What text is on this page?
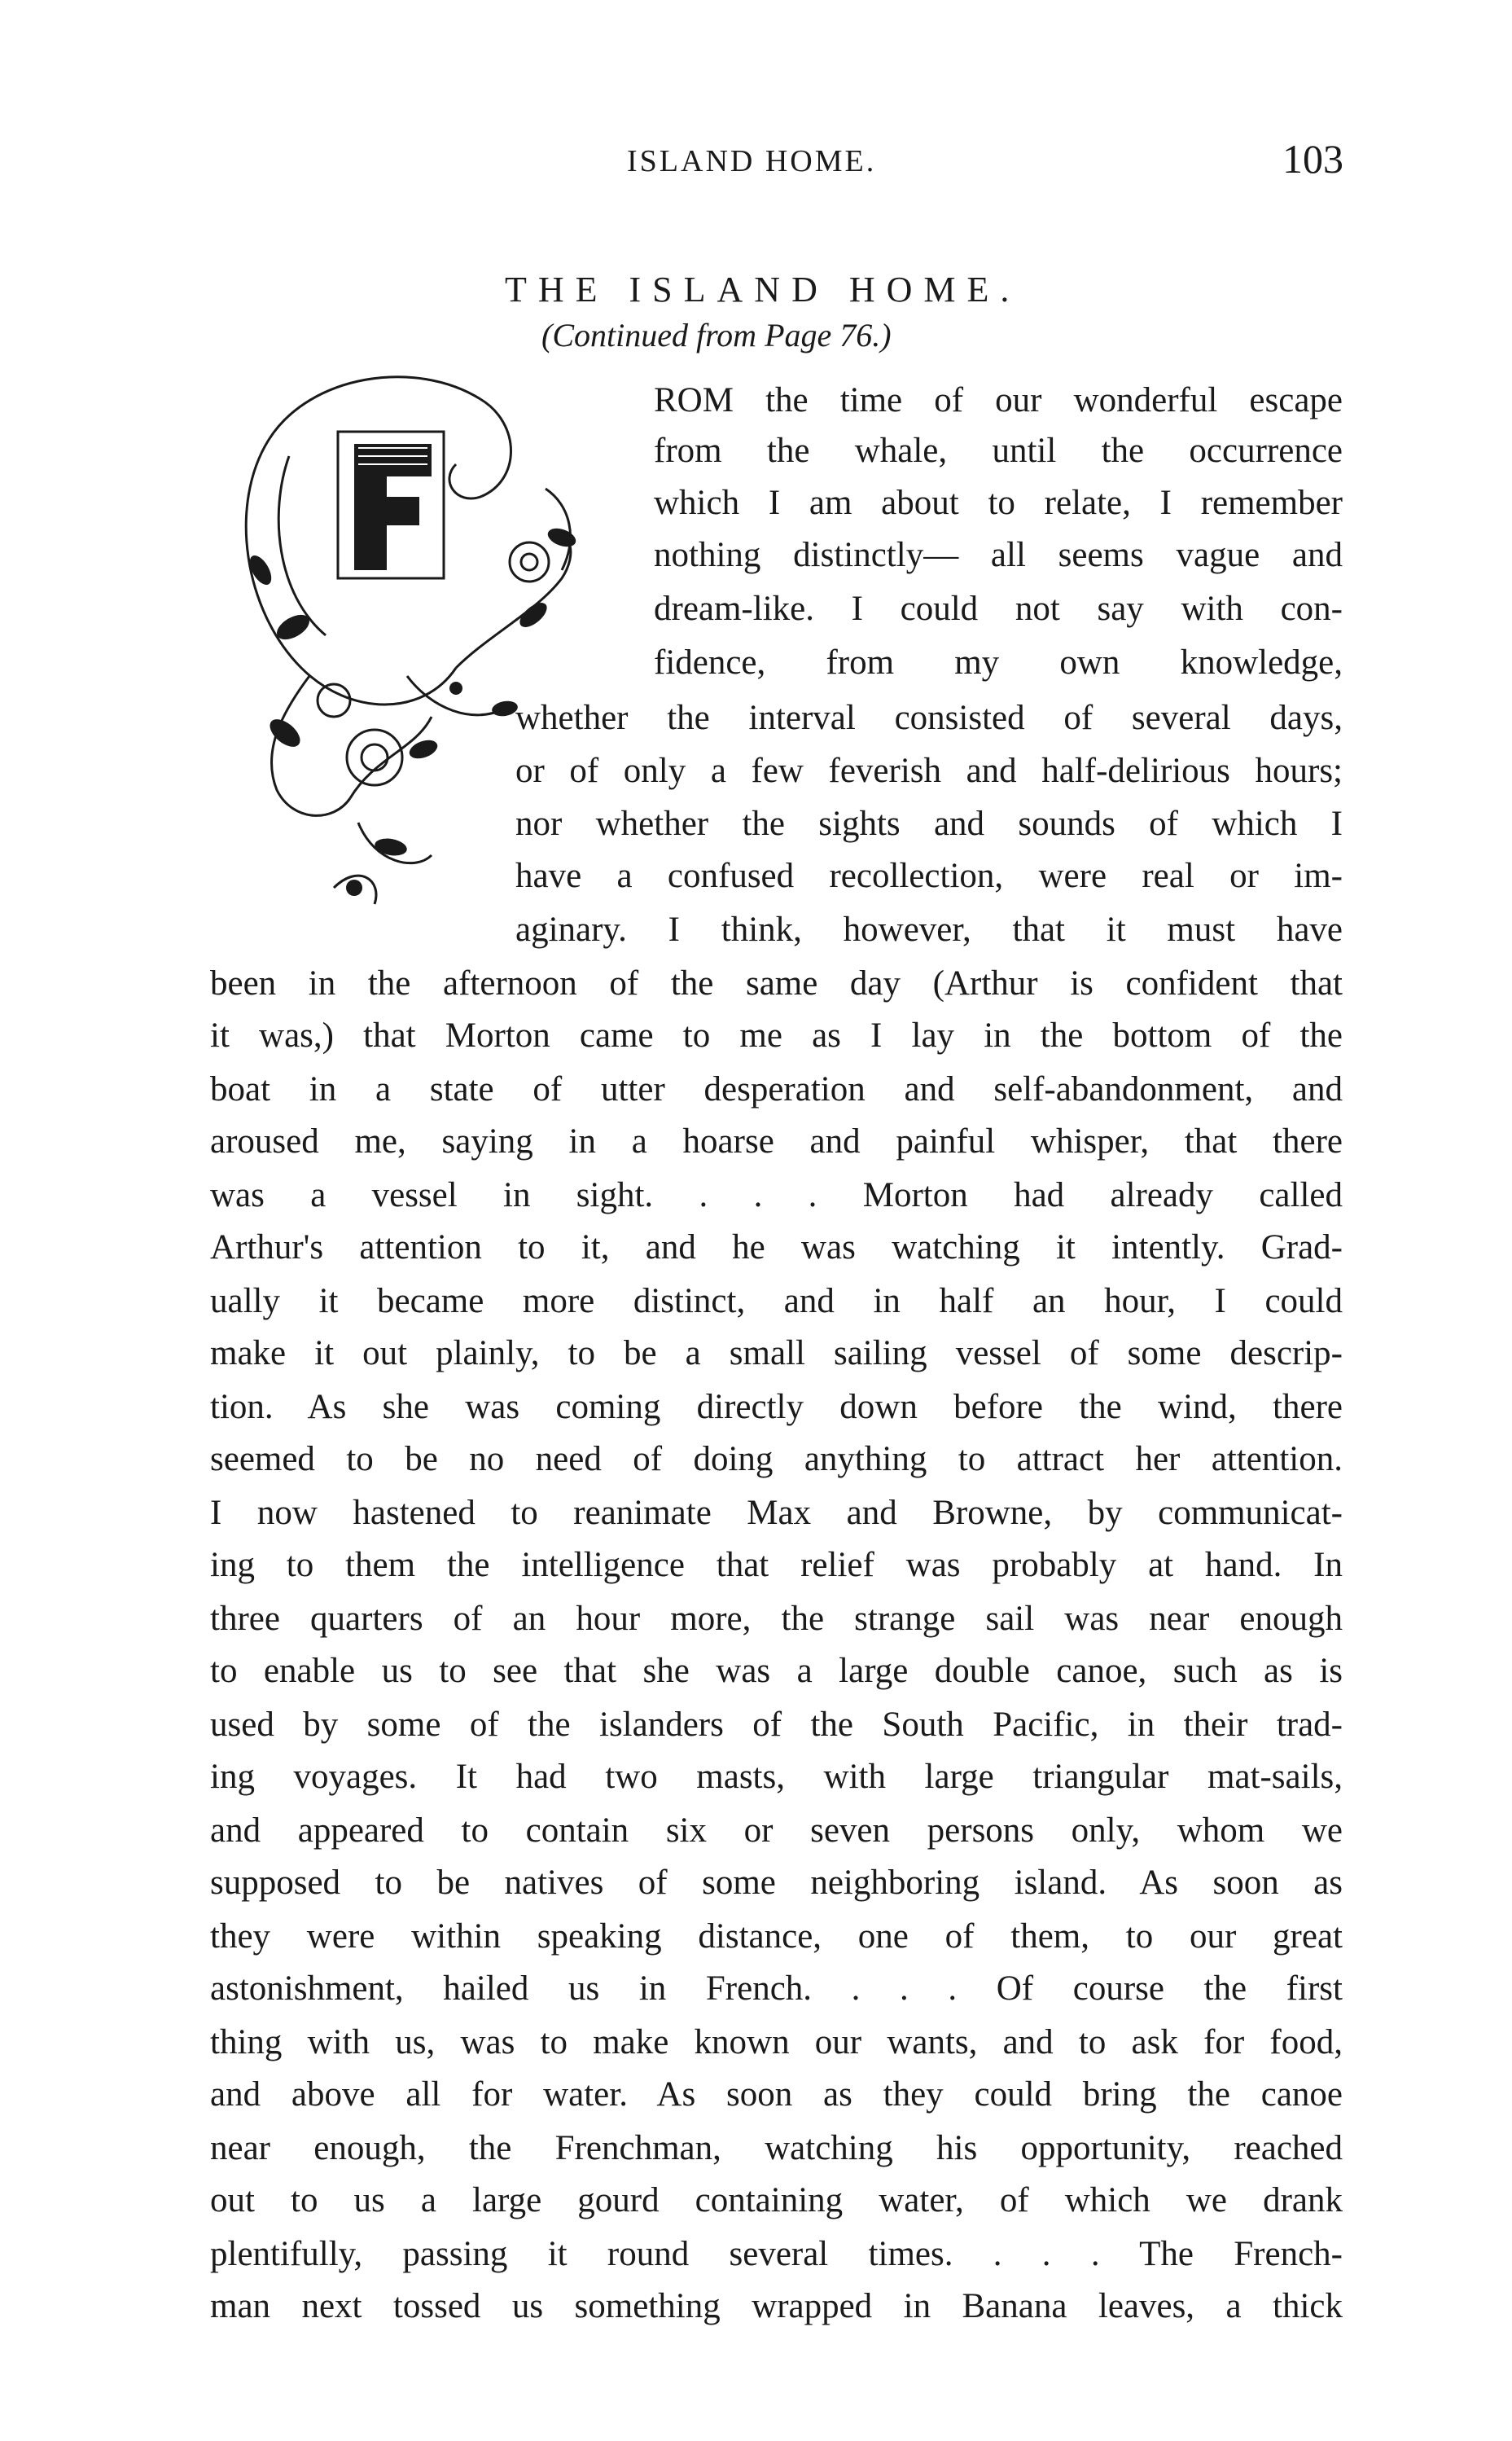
ISLAND HOME.	103
THE ISLAND HOME.
(Continued from Page 76.)
ROM the time of our wonderful escape
from the whale, until the occurrence
which I am about to relate, I remember
nothing distinctly— all seems vague and
dream-like. I could not say with con-
fidence, from my own knowledge,
whether the interval consisted of several days,
or of only a few feverish and half-delirious hours;
nor whether the sights and sounds of which I
have a confused recollection, were real or im-
aginary. I think, however, that it must have
been in the afternoon of the same day (Arthur is confident that
it was,) that Morton came to me as I lay in the bottom of the
boat in a state of utter desperation and self-abandonment, and
aroused me, saying in a hoarse and painful whisper, that there
was a vessel in sight. . . . Morton had already called
Arthur's attention to it, and he was watching it intently. Grad-
ually it became more distinct, and in half an hour, I could
make it out plainly, to be a small sailing vessel of some descrip-
tion. As she was coming directly down before the wind, there
seemed to be no need of doing anything to attract her attention.
I now hastened to reanimate Max and Browne, by communicat-
ing to them the intelligence that relief was probably at hand. In
three quarters of an hour more, the strange sail was near enough
to enable us to see that she was a large double canoe, such as is
used by some of the islanders of the South Pacific, in their trad-
ing voyages. It had two masts, with large triangular mat-sails,
and appeared to contain six or seven persons only, whom we
supposed to be natives of some neighboring island. As soon as
they were within speaking distance, one of them, to our great
astonishment, hailed us in French. . . . Of course the first
thing with us, was to make known our wants, and to ask for food,
and above all for water. As soon as they could bring the canoe
near enough, the Frenchman, watching his opportunity, reached
out to us a large gourd containing water, of which we drank
plentifully, passing it round several times. . . . The French-
man next tossed us something wrapped in Banana leaves, a thick
